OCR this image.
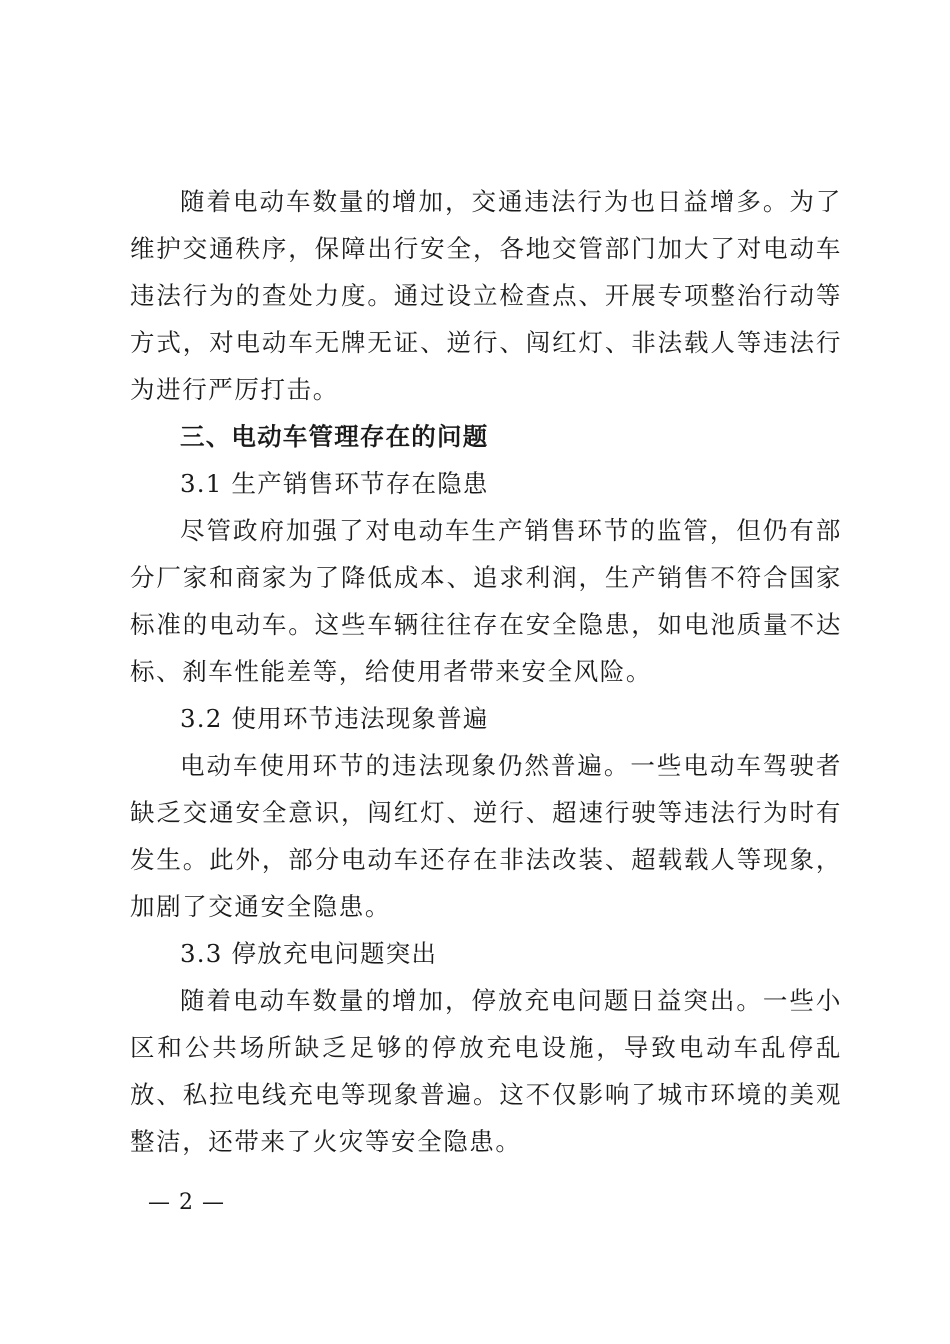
随着电动车数量的增加，交通违法行为也日益增多。为了维护交通秩序，保障出行安全，各地交管部门加大了对电动车违法行为的查处力度。通过设立检查点、开展专项整治行动等方式，对电动车无牌无证、逆行、闯红灯、非法载人等违法行为进行严厉打击。

三、电动车管理存在的问题

3.1 生产销售环节存在隐患

尽管政府加强了对电动车生产销售环节的监管，但仍有部分厂家和商家为了降低成本、追求利润，生产销售不符合国家标准的电动车。这些车辆往往存在安全隐患，如电池质量不达标、刹车性能差等，给使用者带来安全风险。

3.2 使用环节违法现象普遍

电动车使用环节的违法现象仍然普遍。一些电动车驾驶者缺乏交通安全意识，闯红灯、逆行、超速行驶等违法行为时有发生。此外，部分电动车还存在非法改装、超载载人等现象，加剧了交通安全隐患。

3.3 停放充电问题突出

随着电动车数量的增加，停放充电问题日益突出。一些小区和公共场所缺乏足够的停放充电设施，导致电动车乱停乱放、私拉电线充电等现象普遍。这不仅影响了城市环境的美观整洁，还带来了火灾等安全隐患。

— 2 —
